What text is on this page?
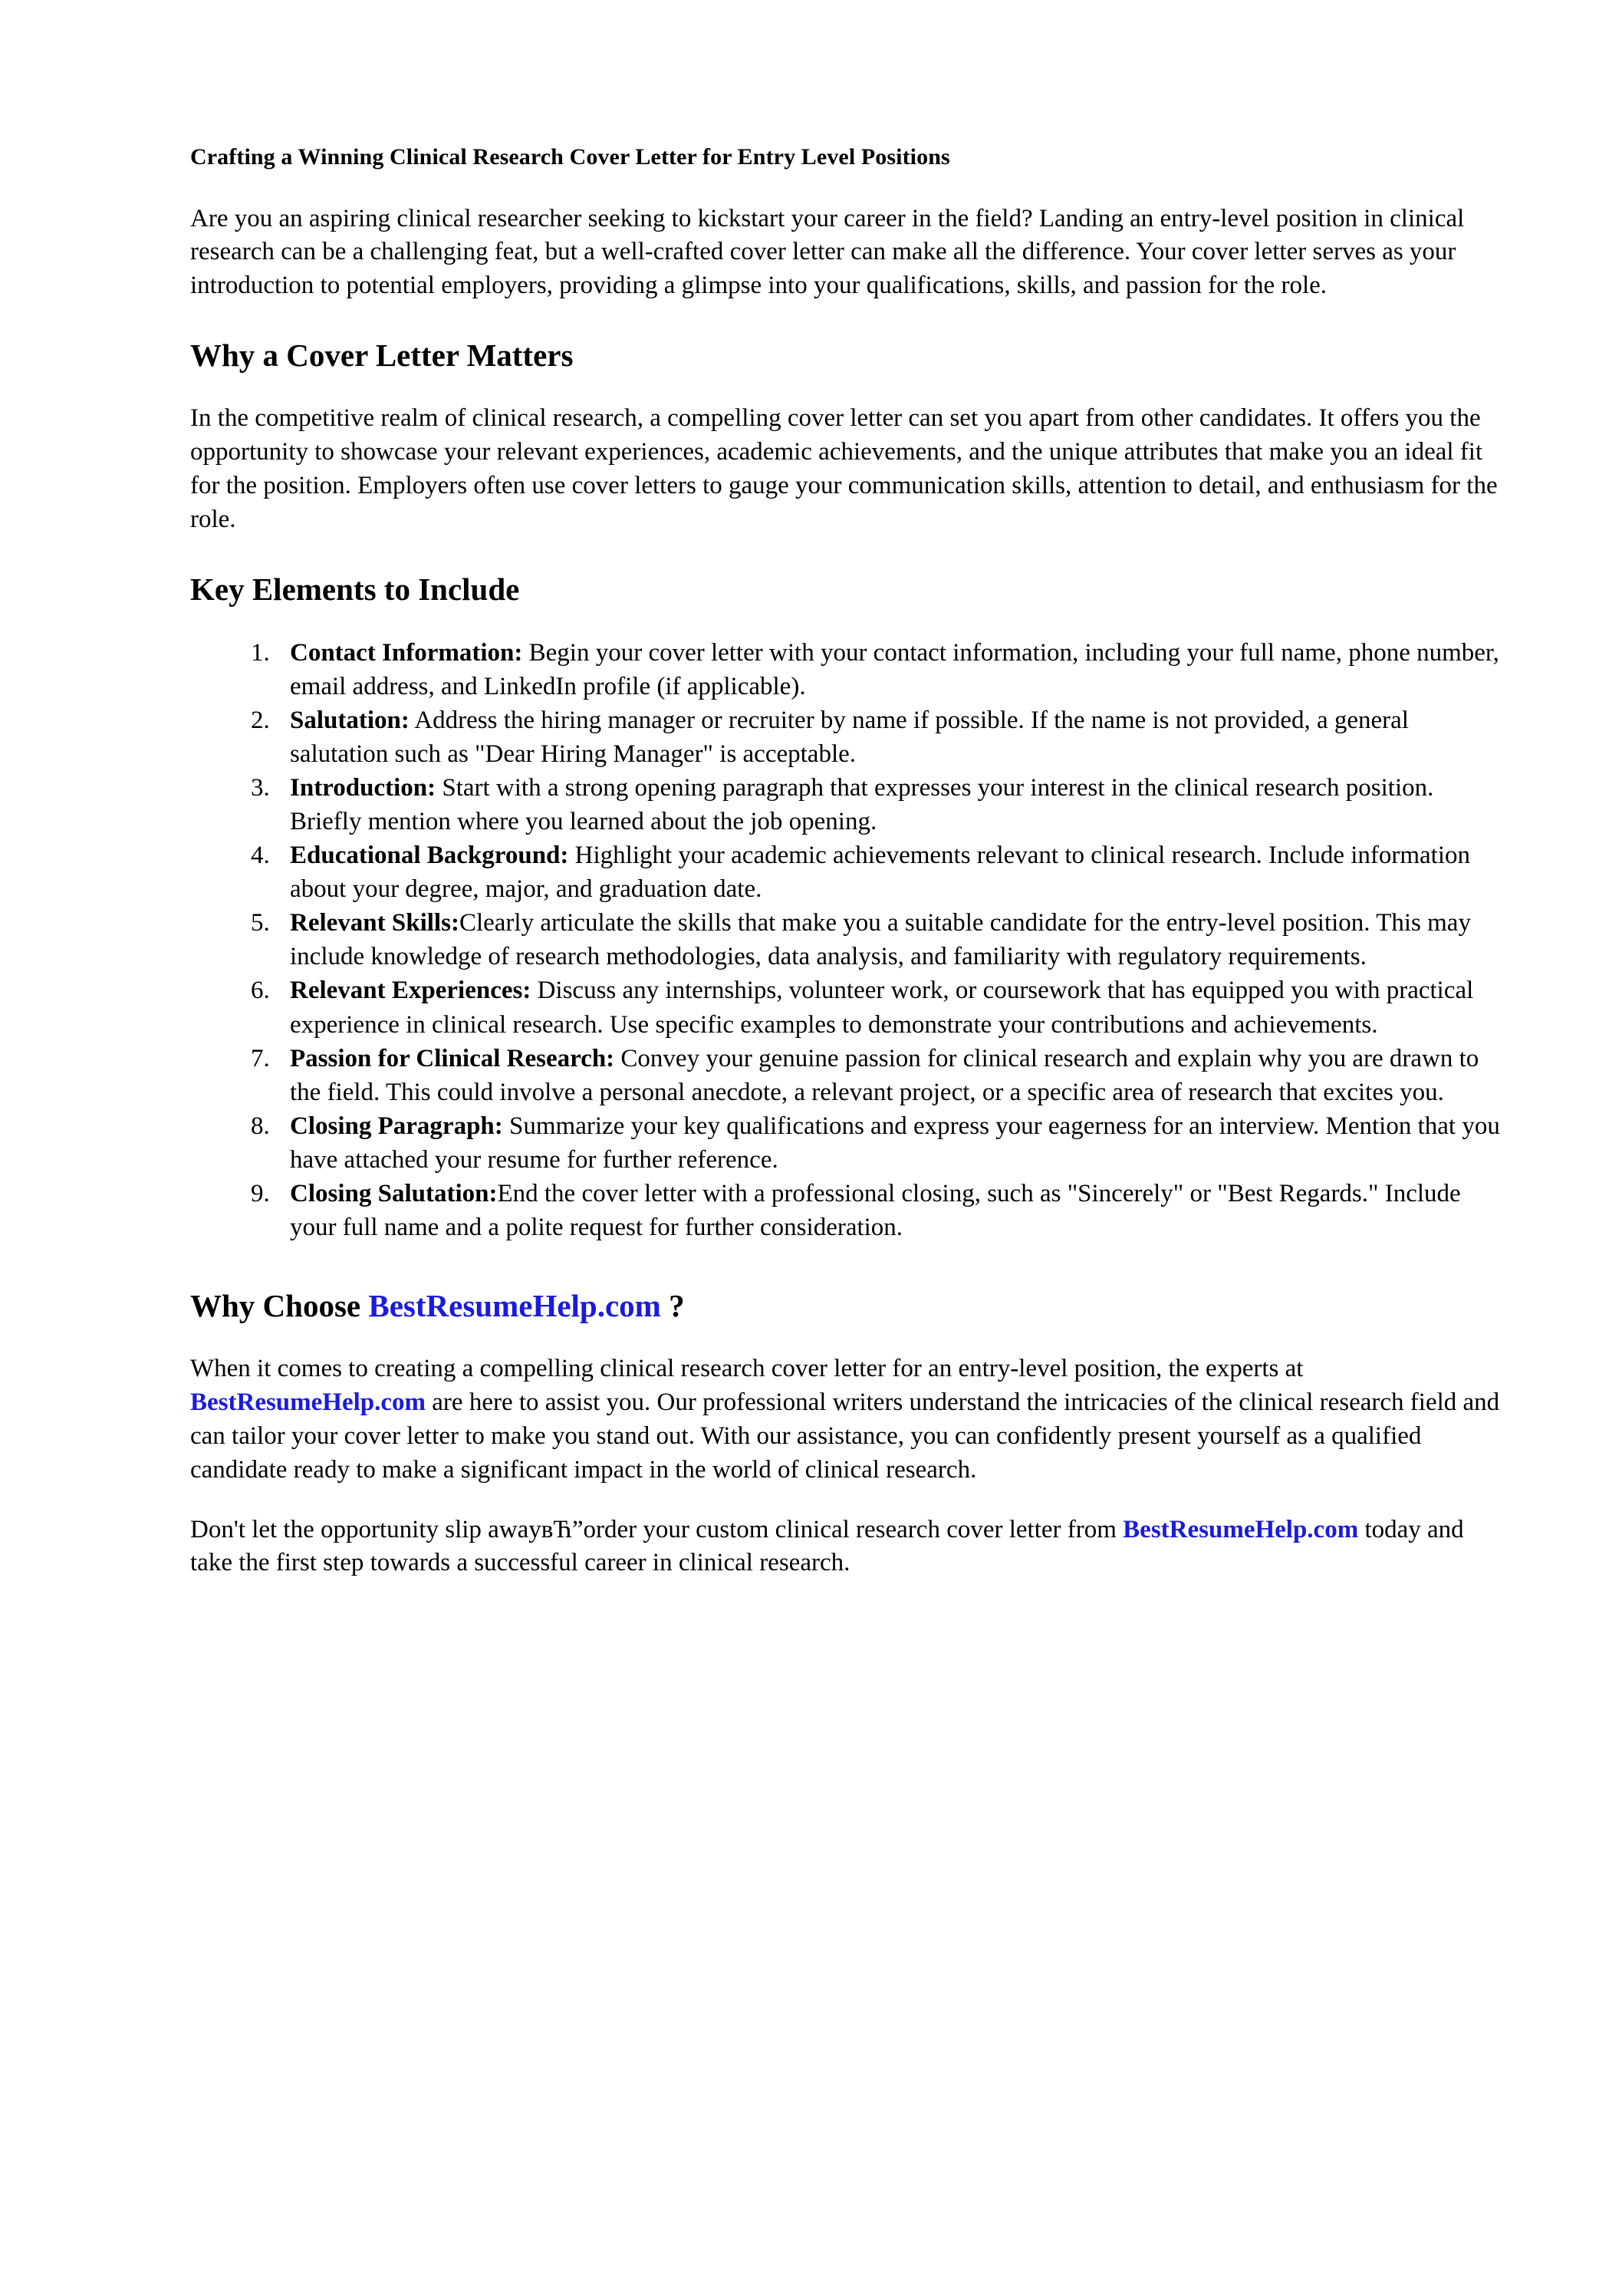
Crafting a Winning Clinical Research Cover Letter for Entry Level Positions

Are you an aspiring clinical researcher seeking to kickstart your career in the field? Landing an entry-level position in clinical research can be a challenging feat, but a well-crafted cover letter can make all the difference. Your cover letter serves as your introduction to potential employers, providing a glimpse into your qualifications, skills, and passion for the role.

Why a Cover Letter Matters

In the competitive realm of clinical research, a compelling cover letter can set you apart from other candidates. It offers you the opportunity to showcase your relevant experiences, academic achievements, and the unique attributes that make you an ideal fit for the position. Employers often use cover letters to gauge your communication skills, attention to detail, and enthusiasm for the role.

Key Elements to Include
1. Contact Information: Begin your cover letter with your contact information, including your full name, phone number, email address, and LinkedIn profile (if applicable).
2. Salutation: Address the hiring manager or recruiter by name if possible. If the name is not provided, a general salutation such as "Dear Hiring Manager" is acceptable.
3. Introduction: Start with a strong opening paragraph that expresses your interest in the clinical research position. Briefly mention where you learned about the job opening.
4. Educational Background: Highlight your academic achievements relevant to clinical research. Include information about your degree, major, and graduation date.
5. Relevant Skills:Clearly articulate the skills that make you a suitable candidate for the entry-level position. This may include knowledge of research methodologies, data analysis, and familiarity with regulatory requirements.
6. Relevant Experiences: Discuss any internships, volunteer work, or coursework that has equipped you with practical experience in clinical research. Use specific examples to demonstrate your contributions and achievements.
7. Passion for Clinical Research: Convey your genuine passion for clinical research and explain why you are drawn to the field. This could involve a personal anecdote, a relevant project, or a specific area of research that excites you.
8. Closing Paragraph: Summarize your key qualifications and express your eagerness for an interview. Mention that you have attached your resume for further reference.
9. Closing Salutation:End the cover letter with a professional closing, such as "Sincerely" or "Best Regards." Include your full name and a polite request for further consideration.
Why Choose BestResumeHelp.com ?

When it comes to creating a compelling clinical research cover letter for an entry-level position, the experts at BestResumeHelp.com are here to assist you. Our professional writers understand the intricacies of the clinical research field and can tailor your cover letter to make you stand out. With our assistance, you can confidently present yourself as a qualified candidate ready to make a significant impact in the world of clinical research.

Don't let the opportunity slip awayвЋ”order your custom clinical research cover letter from BestResumeHelp.com today and take the first step towards a successful career in clinical research.
